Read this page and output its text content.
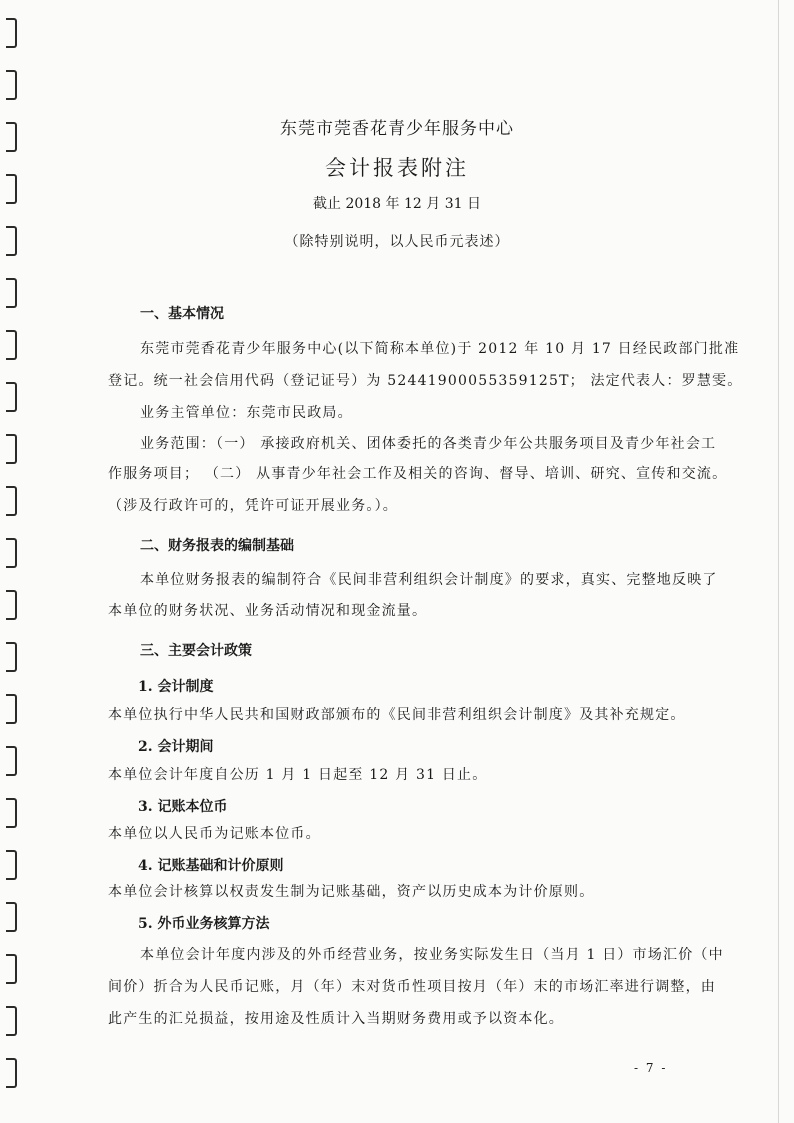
东莞市莞香花青少年服务中心
会计报表附注
截止 2018 年 12 月 31 日
（除特别说明，以人民币元表述）
一、基本情况
东莞市莞香花青少年服务中心(以下简称本单位)于 2012 年 10 月 17 日经民政部门批准
登记。统一社会信用代码（登记证号）为 52441900055359125T； 法定代表人：罗慧雯。
业务主管单位：东莞市民政局。
业务范围：（一） 承接政府机关、团体委托的各类青少年公共服务项目及青少年社会工
作服务项目； （二） 从事青少年社会工作及相关的咨询、督导、培训、研究、宣传和交流。
（涉及行政许可的，凭许可证开展业务。）。
二、财务报表的编制基础
本单位财务报表的编制符合《民间非营利组织会计制度》的要求，真实、完整地反映了
本单位的财务状况、业务活动情况和现金流量。
三、主要会计政策
1. 会计制度
本单位执行中华人民共和国财政部颁布的《民间非营利组织会计制度》及其补充规定。
2. 会计期间
本单位会计年度自公历 1 月 1 日起至 12 月 31 日止。
3. 记账本位币
本单位以人民币为记账本位币。
4. 记账基础和计价原则
本单位会计核算以权责发生制为记账基础，资产以历史成本为计价原则。
5. 外币业务核算方法
本单位会计年度内涉及的外币经营业务，按业务实际发生日（当月 1 日）市场汇价（中
间价）折合为人民币记账，月（年）末对货币性项目按月（年）末的市场汇率进行调整，由
此产生的汇兑损益，按用途及性质计入当期财务费用或予以资本化。
- 7 -
